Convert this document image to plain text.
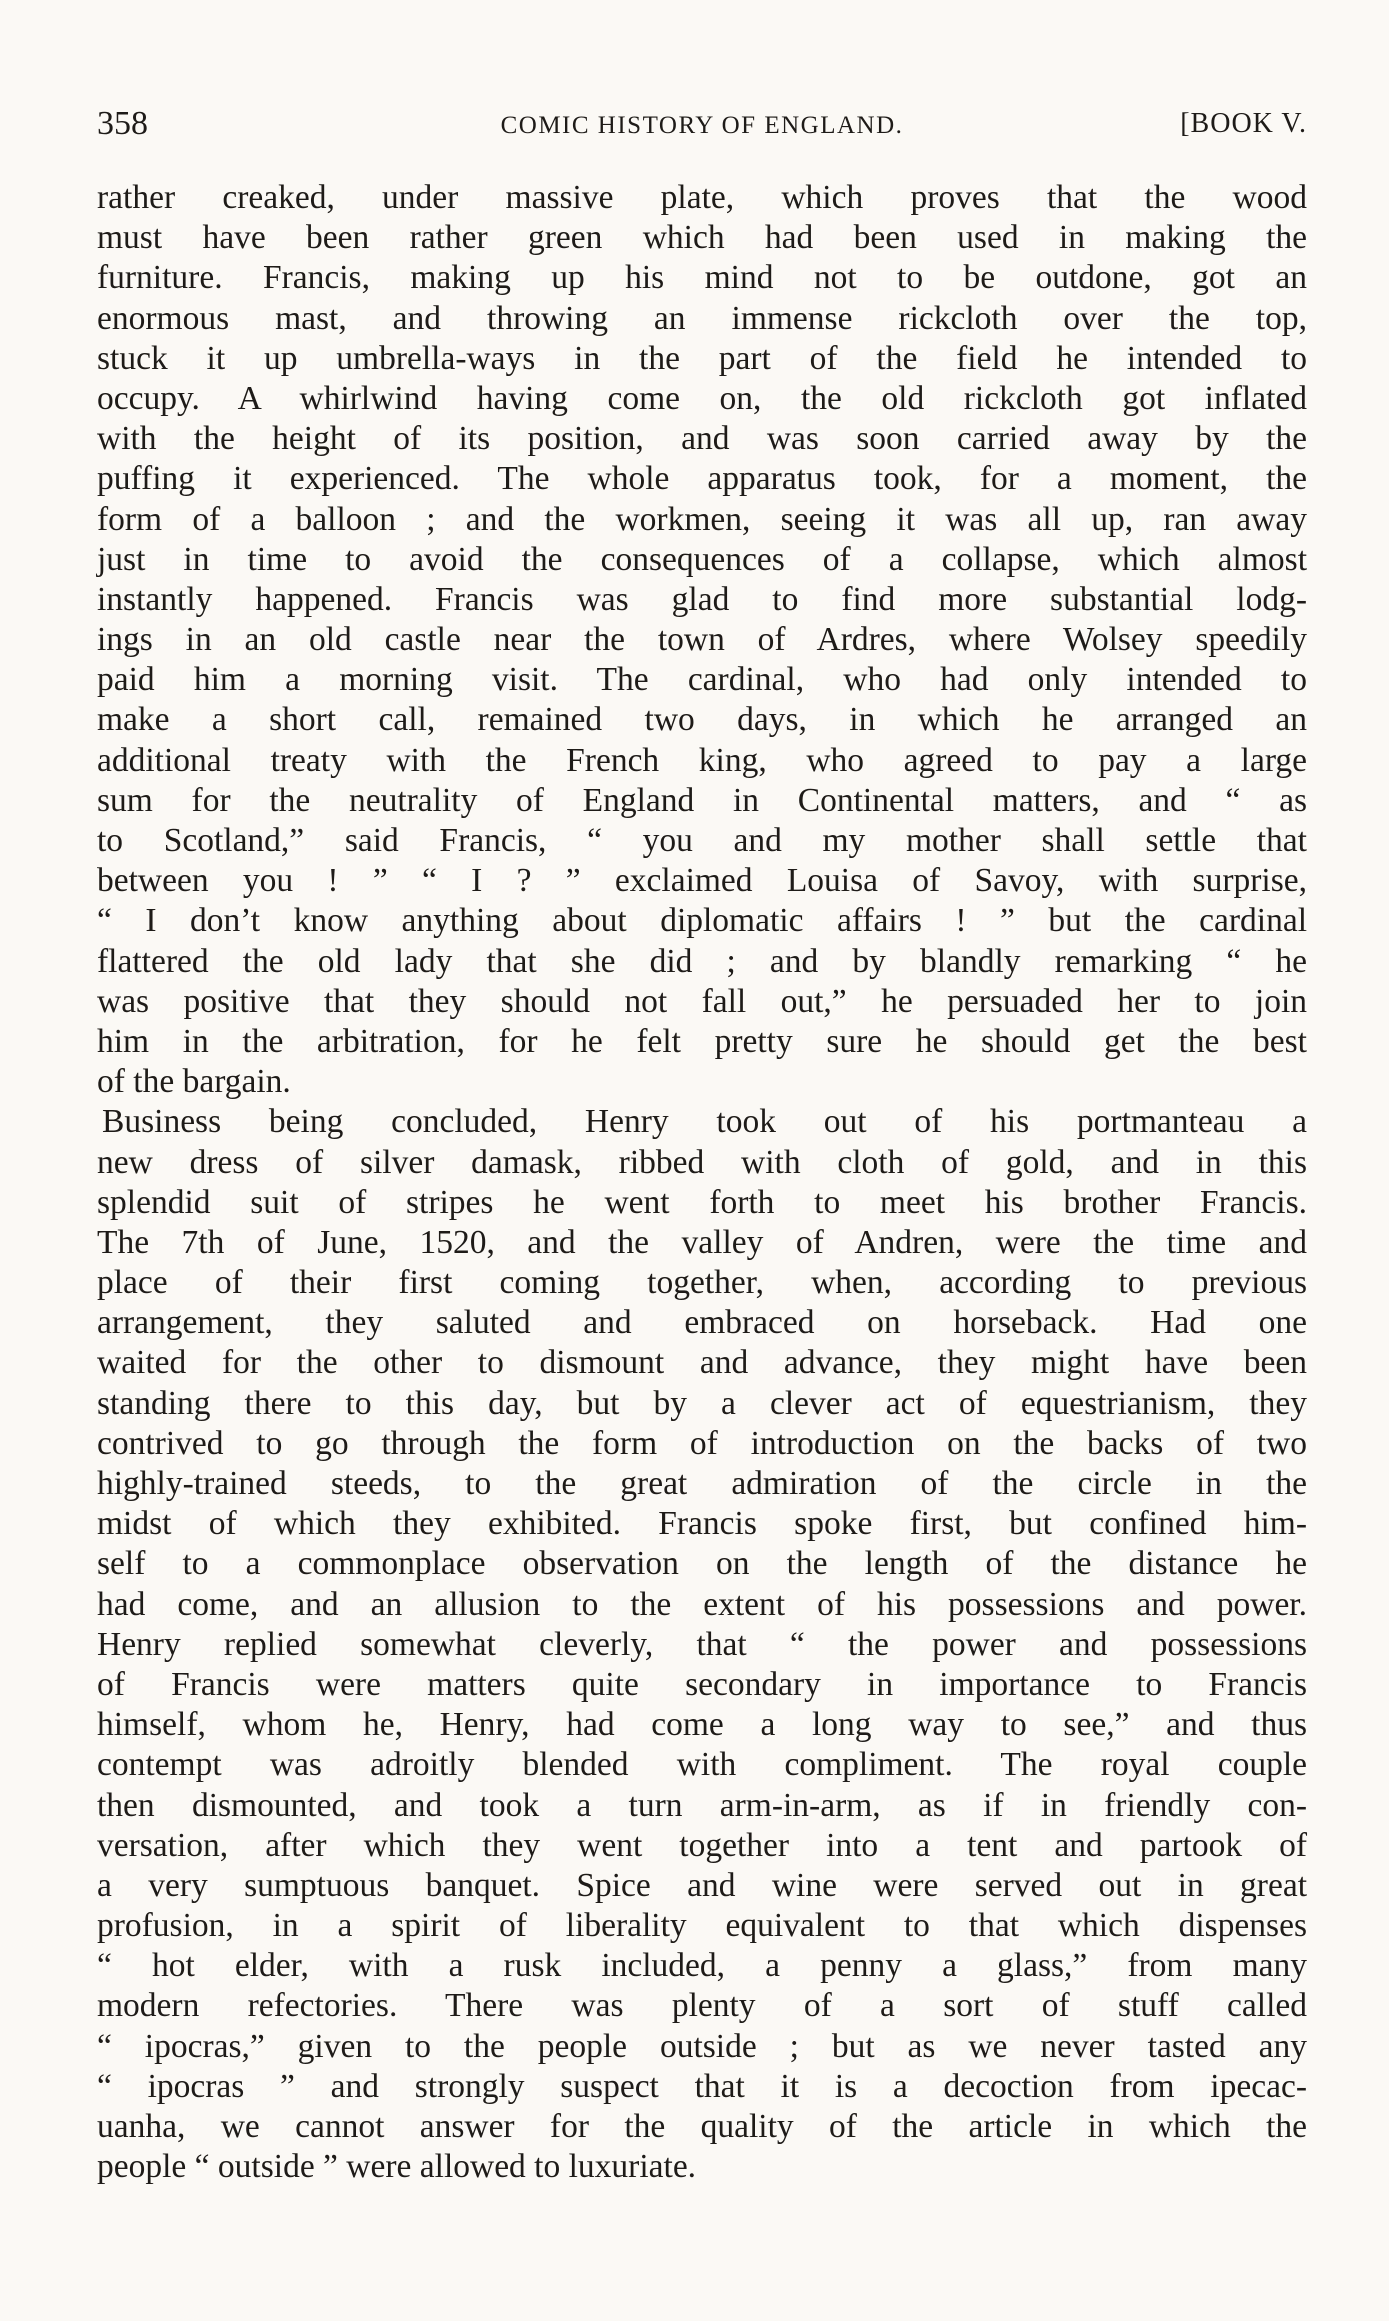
358	COMIC HISTORY OF ENGLAND.	[BOOK V.
rather creaked, under massive plate, which proves that the wood
must have been rather green which had been used in making the
furniture. Francis, making up his mind not to be outdone, got an
enormous mast, and throwing an immense rickcloth over the top,
stuck it up umbrella-ways in the part of the field he intended to
occupy. A whirlwind having come on, the old rickcloth got inflated
with the height of its position, and was soon carried away by the
puffing it experienced. The whole apparatus took, for a moment, the
form of a balloon ; and the workmen, seeing it was all up, ran away
just in time to avoid the consequences of a collapse, which almost
instantly happened. Francis was glad to find more substantial lodg-
ings in an old castle near the town of Ardres, where Wolsey speedily
paid him a morning visit. The cardinal, who had only intended to
make a short call, remained two days, in which he arranged an
additional treaty with the French king, who agreed to pay a large
sum for the neutrality of England in Continental matters, and “ as
to Scotland,” said Francis, “ you and my mother shall settle that
between you ! ” “ I ? ” exclaimed Louisa of Savoy, with surprise,
“ I don’t know anything about diplomatic affairs ! ” but the cardinal
flattered the old lady that she did ; and by blandly remarking “ he
was positive that they should not fall out,” he persuaded her to join
him in the arbitration, for he felt pretty sure he should get the best
of the bargain.
Business being concluded, Henry took out of his portmanteau a
new dress of silver damask, ribbed with cloth of gold, and in this
splendid suit of stripes he went forth to meet his brother Francis.
The 7th of June, 1520, and the valley of Andren, were the time and
place of their first coming together, when, according to previous
arrangement, they saluted and embraced on horseback. Had one
waited for the other to dismount and advance, they might have been
standing there to this day, but by a clever act of equestrianism, they
contrived to go through the form of introduction on the backs of two
highly-trained steeds, to the great admiration of the circle in the
midst of which they exhibited. Francis spoke first, but confined him-
self to a commonplace observation on the length of the distance he
had come, and an allusion to the extent of his possessions and power.
Henry replied somewhat cleverly, that “ the power and possessions
of Francis were matters quite secondary in importance to Francis
himself, whom he, Henry, had come a long way to see,” and thus
contempt was adroitly blended with compliment. The royal couple
then dismounted, and took a turn arm-in-arm, as if in friendly con-
versation, after which they went together into a tent and partook of
a very sumptuous banquet. Spice and wine were served out in great
profusion, in a spirit of liberality equivalent to that which dispenses
“ hot elder, with a rusk included, a penny a glass,” from many
modern refectories. There was plenty of a sort of stuff called
“ ipocras,” given to the people outside ; but as we never tasted any
“ ipocras ” and strongly suspect that it is a decoction from ipecac-
uanha, we cannot answer for the quality of the article in which the
people “ outside ” were allowed to luxuriate.
